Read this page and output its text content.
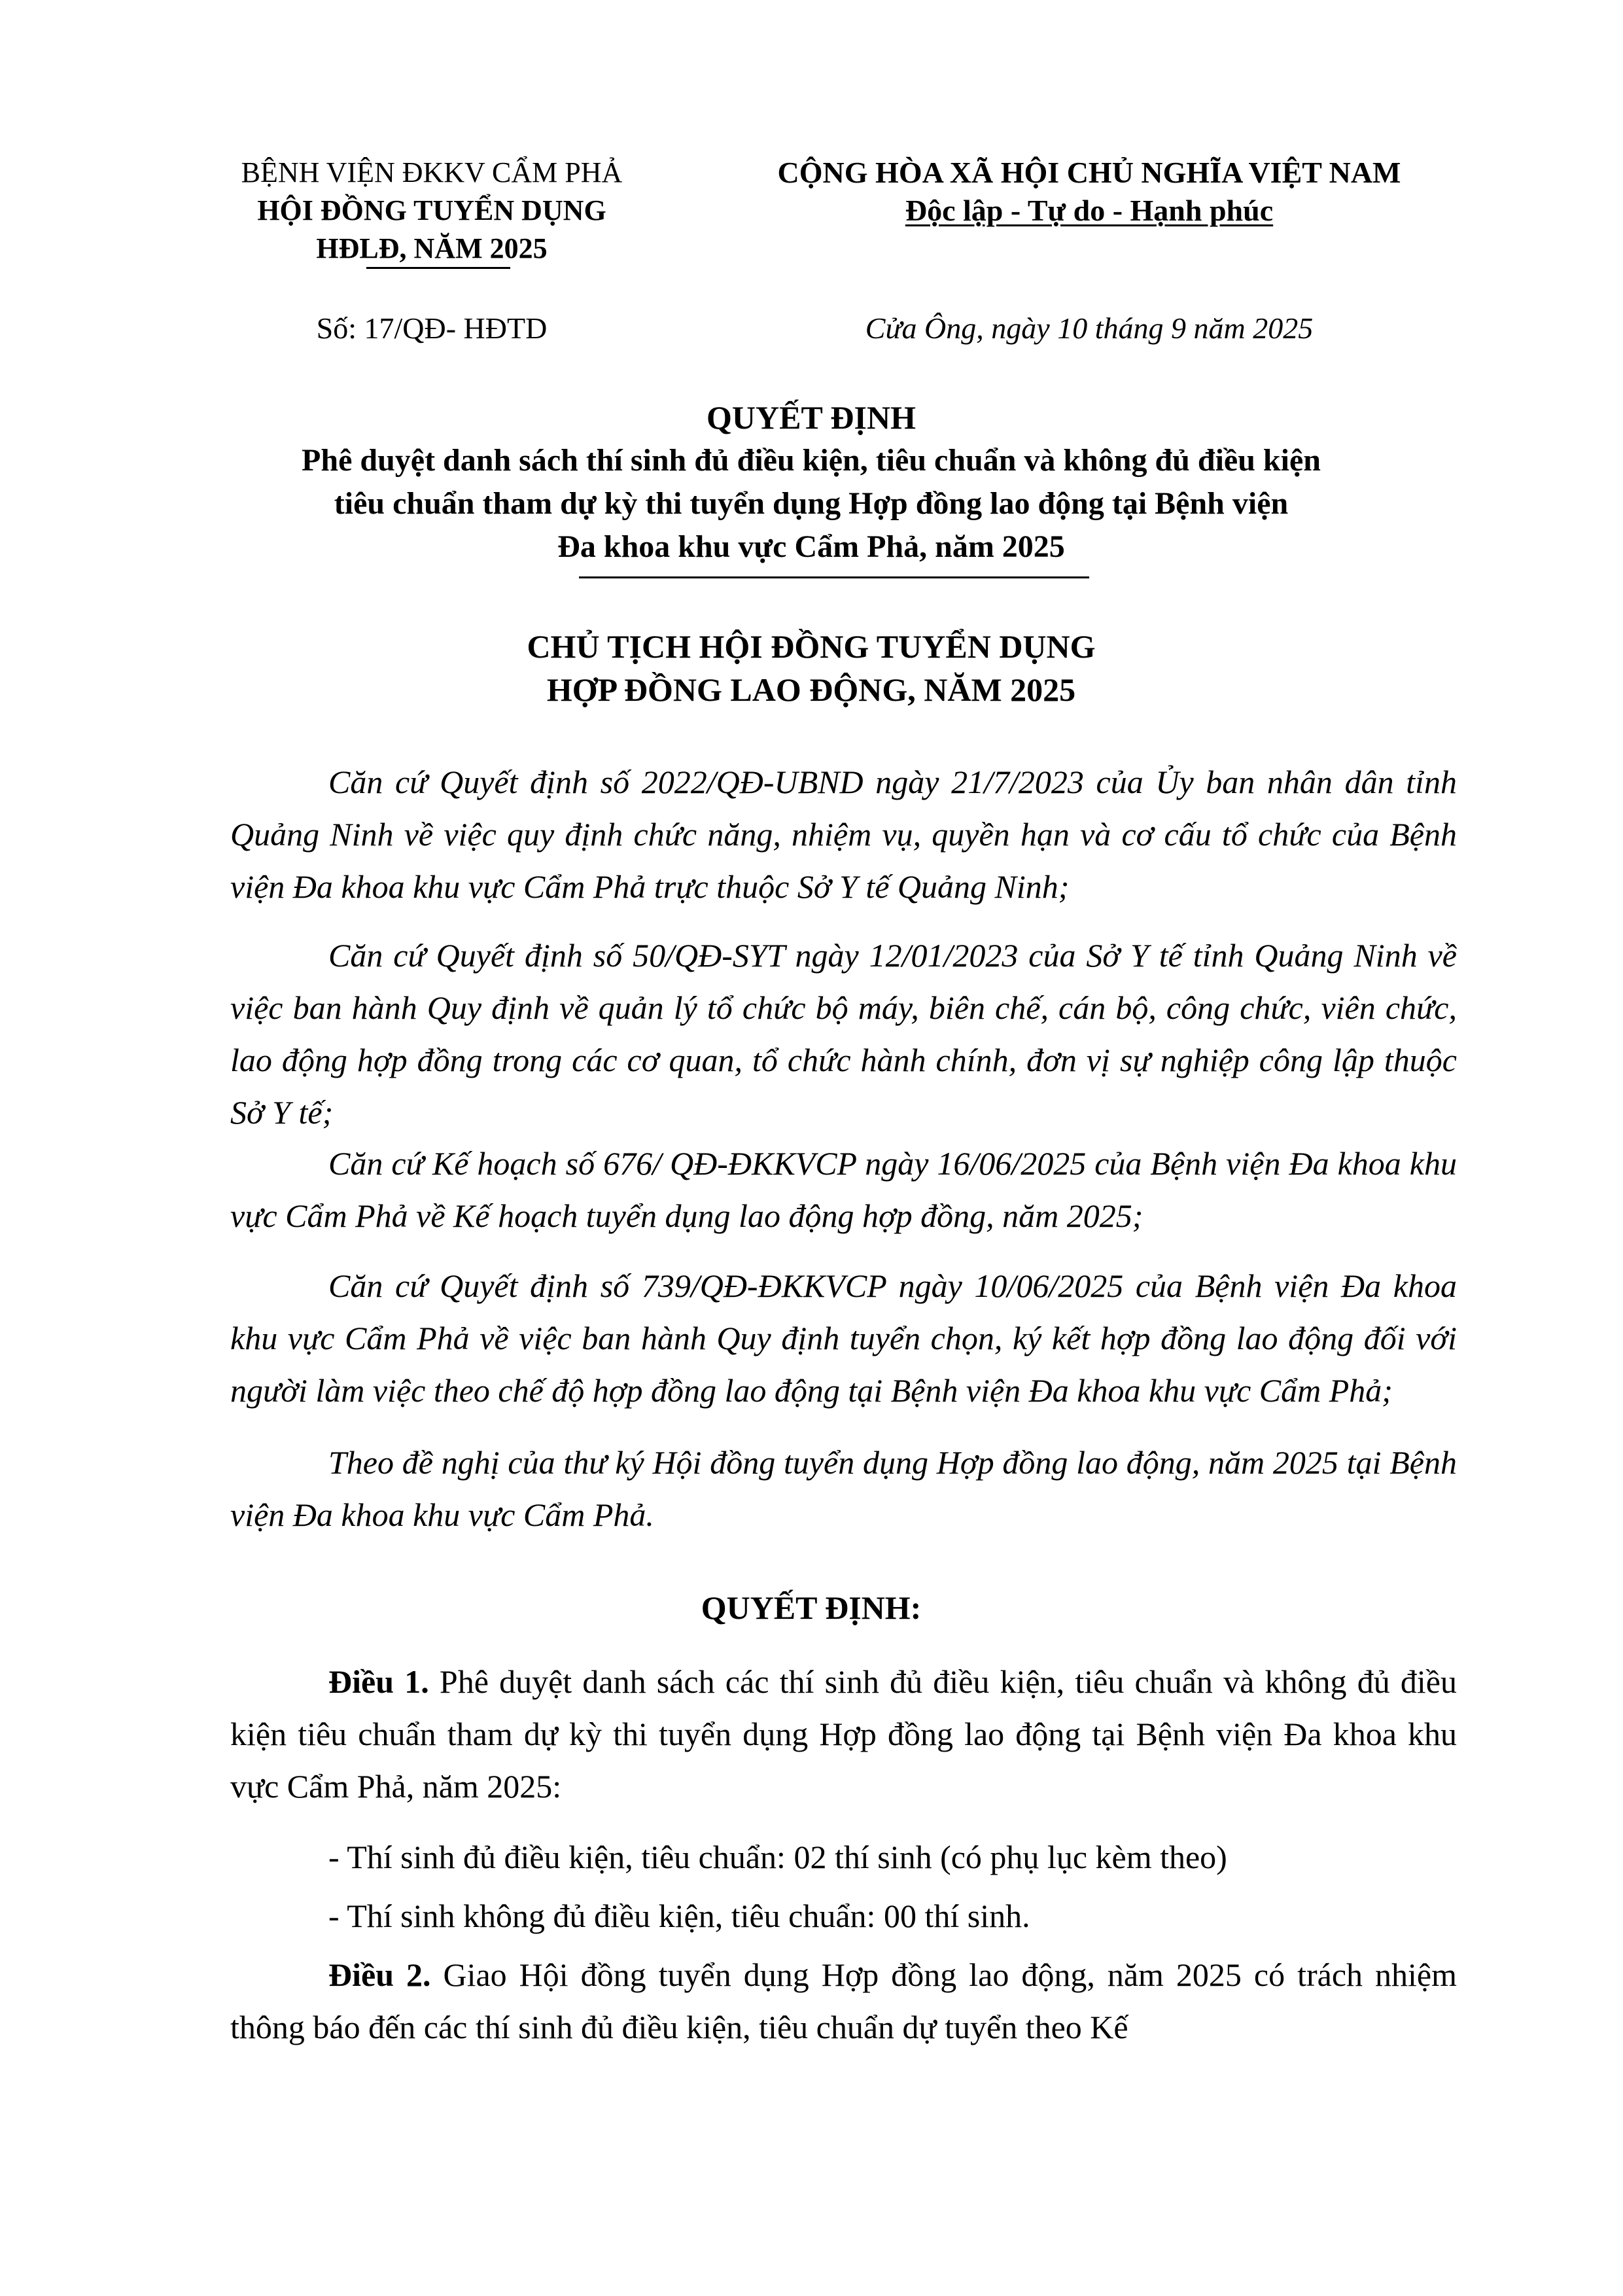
BỆNH VIỆN ĐKKV CẨM PHẢ
HỘI ĐỒNG TUYỂN DỤNG
HĐLĐ, NĂM 2025
CỘNG HÒA XÃ HỘI CHỦ NGHĨA VIỆT NAM
Độc lập - Tự do - Hạnh phúc
Số: 17/QĐ- HĐTD	Cửa Ông, ngày 10 tháng 9 năm 2025
QUYẾT ĐỊNH
Phê duyệt danh sách thí sinh đủ điều kiện, tiêu chuẩn và không đủ điều kiện
tiêu chuẩn tham dự kỳ thi tuyển dụng Hợp đồng lao động tại Bệnh viện
Đa khoa khu vực Cẩm Phả, năm 2025
CHỦ TỊCH HỘI ĐỒNG TUYỂN DỤNG
HỢP ĐỒNG LAO ĐỘNG, NĂM 2025
Căn cứ Quyết định số 2022/QĐ-UBND ngày 21/7/2023 của Ủy ban nhân dân tỉnh Quảng Ninh về việc quy định chức năng, nhiệm vụ, quyền hạn và cơ cấu tổ chức của Bệnh viện Đa khoa khu vực Cẩm Phả trực thuộc Sở Y tế Quảng Ninh;
Căn cứ Quyết định số 50/QĐ-SYT ngày 12/01/2023 của Sở Y tế tỉnh Quảng Ninh về việc ban hành Quy định về quản lý tổ chức bộ máy, biên chế, cán bộ, công chức, viên chức, lao động hợp đồng trong các cơ quan, tổ chức hành chính, đơn vị sự nghiệp công lập thuộc Sở Y tế;
Căn cứ Kế hoạch số 676/ QĐ-ĐKKVCP ngày 16/06/2025 của Bệnh viện Đa khoa khu vực Cẩm Phả về Kế hoạch tuyển dụng lao động hợp đồng, năm 2025;
Căn cứ Quyết định số 739/QĐ-ĐKKVCP ngày 10/06/2025 của Bệnh viện Đa khoa khu vực Cẩm Phả về việc ban hành Quy định tuyển chọn, ký kết hợp đồng lao động đối với người làm việc theo chế độ hợp đồng lao động tại Bệnh viện Đa khoa khu vực Cẩm Phả;
Theo đề nghị của thư ký Hội đồng tuyển dụng Hợp đồng lao động, năm 2025 tại Bệnh viện Đa khoa khu vực Cẩm Phả.
QUYẾT ĐỊNH:
Điều 1. Phê duyệt danh sách các thí sinh đủ điều kiện, tiêu chuẩn và không đủ điều kiện tiêu chuẩn tham dự kỳ thi tuyển dụng Hợp đồng lao động tại Bệnh viện Đa khoa khu vực Cẩm Phả, năm 2025:
- Thí sinh đủ điều kiện, tiêu chuẩn: 02 thí sinh (có phụ lục kèm theo)
- Thí sinh không đủ điều kiện, tiêu chuẩn: 00 thí sinh.
Điều 2. Giao Hội đồng tuyển dụng Hợp đồng lao động, năm 2025 có trách nhiệm thông báo đến các thí sinh đủ điều kiện, tiêu chuẩn dự tuyển theo Kế
